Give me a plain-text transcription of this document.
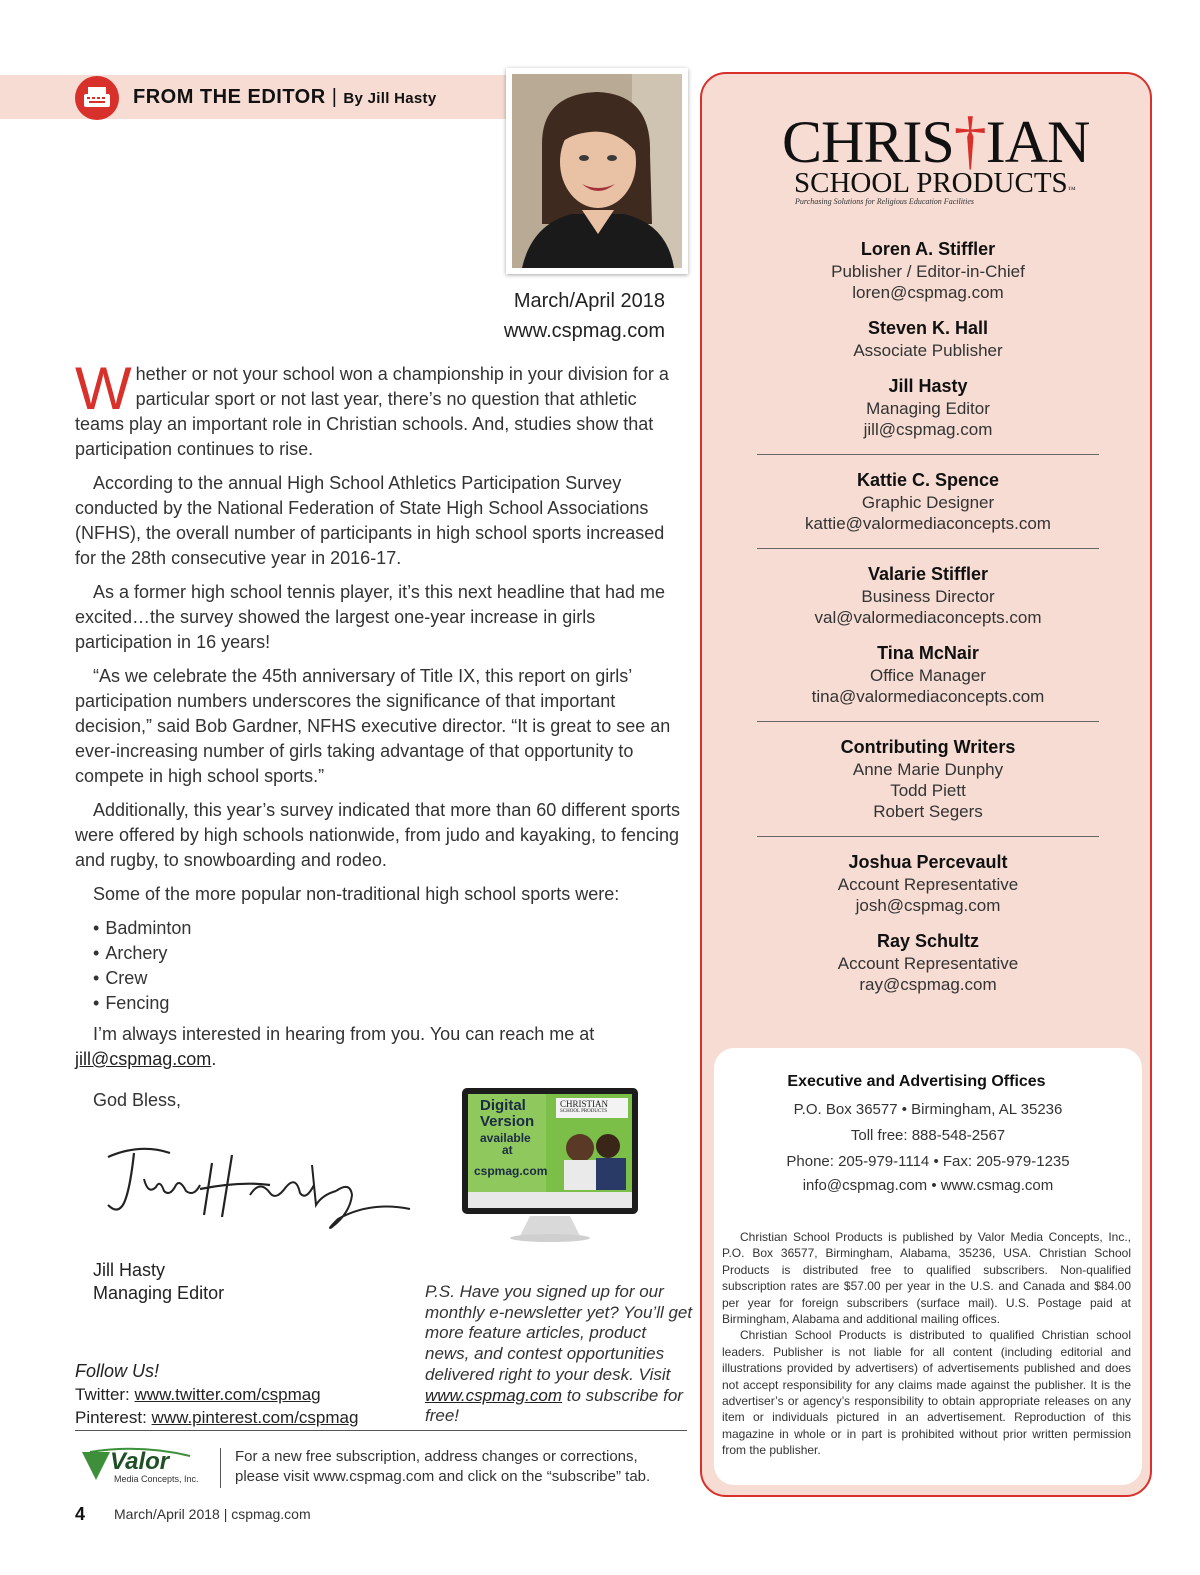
FROM THE EDITOR | By Jill Hasty
March/April 2018
www.cspmag.com

Whether or not your school won a championship in your division for a particular sport or not last year, there’s no question that athletic teams play an important role in Christian schools. And, studies show that participation continues to rise.

According to the annual High School Athletics Participation Survey conducted by the National Federation of State High School Associations (NFHS), the overall number of participants in high school sports increased for the 28th consecutive year in 2016-17.

As a former high school tennis player, it’s this next headline that had me excited…the survey showed the largest one-year increase in girls participation in 16 years!

“As we celebrate the 45th anniversary of Title IX, this report on girls’ participation numbers underscores the significance of that important decision,” said Bob Gardner, NFHS executive director. “It is great to see an ever-increasing number of girls taking advantage of that opportunity to compete in high school sports.”

Additionally, this year’s survey indicated that more than 60 different sports were offered by high schools nationwide, from judo and kayaking, to fencing and rugby, to snowboarding and rodeo.

Some of the more popular non-traditional high school sports were:

• Badminton
• Archery
• Crew
• Fencing

I’m always interested in hearing from you. You can reach me at
jill@cspmag.com.

God Bless,
Jill Hasty
Managing Editor
Digital
Version
available
at
cspmag.com
CHRISTIAN
SCHOOL PRODUCTS
P.S. Have you signed up for our monthly e-newsletter yet? You’ll get more feature articles, product news, and contest opportunities delivered right to your desk. Visit www.cspmag.com to subscribe for free!
Follow Us!
Twitter: www.twitter.com/cspmag
Pinterest: www.pinterest.com/cspmag
Valor
Media Concepts, Inc.
For a new free subscription, address changes or corrections,
please visit www.cspmag.com and click on the “subscribe” tab.
4 March/April 2018 | cspmag.com
CHRIS†IAN
SCHOOL PRODUCTS™
Purchasing Solutions for Religious Education Facilities
Loren A. Stiffler
Publisher / Editor-in-Chief
loren@cspmag.com
Steven K. Hall
Associate Publisher
Jill Hasty
Managing Editor
jill@cspmag.com
Kattie C. Spence
Graphic Designer
kattie@valormediaconcepts.com
Valarie Stiffler
Business Director
val@valormediaconcepts.com
Tina McNair
Office Manager
tina@valormediaconcepts.com
Contributing Writers
Anne Marie Dunphy
Todd Piett
Robert Segers
Joshua Percevault
Account Representative
josh@cspmag.com
Ray Schultz
Account Representative
ray@cspmag.com
Executive and Advertising Offices
P.O. Box 36577 • Birmingham, AL 35236
Toll free: 888-548-2567
Phone: 205-979-1114 • Fax: 205-979-1235
info@cspmag.com • www.csmag.com

Christian School Products is published by Valor Media Concepts, Inc., P.O. Box 36577, Birmingham, Alabama, 35236, USA. Christian School Products is distributed free to qualified subscribers. Non-qualified subscription rates are $57.00 per year in the U.S. and Canada and $84.00 per year for foreign subscribers (surface mail). U.S. Postage paid at Birmingham, Alabama and additional mailing offices.

Christian School Products is distributed to qualified Christian school leaders. Publisher is not liable for all content (including editorial and illustrations provided by advertisers) of advertisements published and does not accept responsibility for any claims made against the publisher. It is the advertiser’s or agency’s responsibility to obtain appropriate releases on any item or individuals pictured in an advertisement. Reproduction of this magazine in whole or in part is prohibited without prior written permission from the publisher.
